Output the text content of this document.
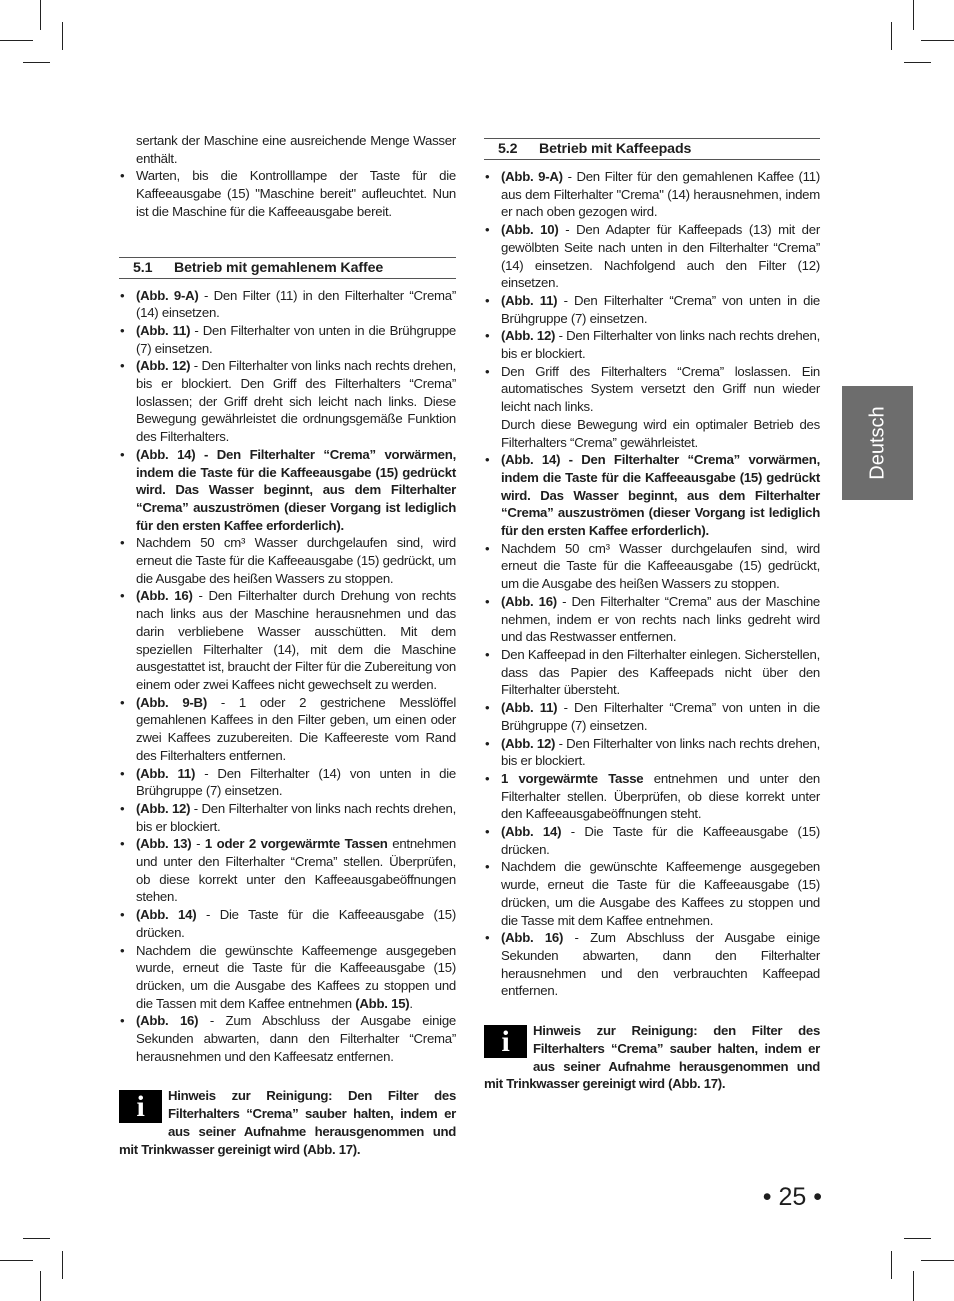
sertank der Maschine eine ausreichende Menge Wasser enthält.

• Warten, bis die Kontrolllampe der Taste für die Kaffeeausgabe (15) "Maschine bereit" aufleuchtet. Nun ist die Maschine für die Kaffeeausgabe bereit.
5.1 Betrieb mit gemahlenem Kaffee
• (Abb. 9-A) - Den Filter (11) in den Filterhalter “Crema” (14) einsetzen.
• (Abb. 11) - Den Filterhalter von unten in die Brühgruppe (7) einsetzen.
• (Abb. 12) - Den Filterhalter von links nach rechts drehen, bis er blockiert. Den Griff des Filterhalters “Crema” loslassen; der Griff dreht sich leicht nach links. Diese Bewegung gewährleistet die ordnungsgemäße Funktion des Filterhalters.
• (Abb. 14) - Den Filterhalter “Crema” vorwärmen, indem die Taste für die Kaffeeausgabe (15) gedrückt wird. Das Wasser beginnt, aus dem Filterhalter “Crema” auszuströmen (dieser Vorgang ist lediglich für den ersten Kaffee erforderlich).
• Nachdem 50 cm³ Wasser durchgelaufen sind, wird erneut die Taste für die Kaffeeausgabe (15) gedrückt, um die Ausgabe des heißen Wassers zu stoppen.
• (Abb. 16) - Den Filterhalter durch Drehung von rechts nach links aus der Maschine herausnehmen und das darin verbliebene Wasser ausschütten. Mit dem speziellen Filterhalter (14), mit dem die Maschine ausgestattet ist, braucht der Filter für die Zubereitung von einem oder zwei Kaffees nicht gewechselt zu werden.
• (Abb. 9-B) - 1 oder 2 gestrichene Messlöffel gemahlenen Kaffees in den Filter geben, um einen oder zwei Kaffees zuzubereiten. Die Kaffeereste vom Rand des Filterhalters entfernen.
• (Abb. 11) - Den Filterhalter (14) von unten in die Brühgruppe (7) einsetzen.
• (Abb. 12) - Den Filterhalter von links nach rechts drehen, bis er blockiert.
• (Abb. 13) - 1 oder 2 vorgewärmte Tassen entnehmen und unter den Filterhalter “Crema” stellen. Überprüfen, ob diese korrekt unter den Kaffeeausgabeöffnungen stehen.
• (Abb. 14) - Die Taste für die Kaffeeausgabe (15) drücken.
• Nachdem die gewünschte Kaffeemenge ausgegeben wurde, erneut die Taste für die Kaffeeausgabe (15) drücken, um die Ausgabe des Kaffees zu stoppen und die Tassen mit dem Kaffee entnehmen (Abb. 15).
• (Abb. 16) - Zum Abschluss der Ausgabe einige Sekunden abwarten, dann den Filterhalter “Crema” herausnehmen und den Kaffeesatz entfernen.
i	Hinweis zur Reinigung: Den Filter des Filterhalters “Crema” sauber halten, indem er aus seiner Aufnahme herausgenommen und mit Trinkwasser gereinigt wird (Abb. 17).
5.2 Betrieb mit Kaffeepads
• (Abb. 9-A) - Den Filter für den gemahlenen Kaffee (11) aus dem Filterhalter "Crema" (14) herausnehmen, indem er nach oben gezogen wird.
• (Abb. 10) - Den Adapter für Kaffeepads (13) mit der gewölbten Seite nach unten in den Filterhalter “Crema” (14) einsetzen. Nachfolgend auch den Filter (12) einsetzen.
• (Abb. 11) - Den Filterhalter “Crema” von unten in die Brühgruppe (7) einsetzen.
• (Abb. 12) - Den Filterhalter von links nach rechts drehen, bis er blockiert.
• Den Griff des Filterhalters “Crema” loslassen. Ein automatisches System versetzt den Griff nun wieder leicht nach links.
Durch diese Bewegung wird ein optimaler Betrieb des Filterhalters “Crema” gewährleistet.
• (Abb. 14) - Den Filterhalter “Crema” vorwärmen, indem die Taste für die Kaffeeausgabe (15) gedrückt wird. Das Wasser beginnt, aus dem Filterhalter “Crema” auszuströmen (dieser Vorgang ist lediglich für den ersten Kaffee erforderlich).
• Nachdem 50 cm³ Wasser durchgelaufen sind, wird erneut die Taste für die Kaffeeausgabe (15) gedrückt, um die Ausgabe des heißen Wassers zu stoppen.
• (Abb. 16) - Den Filterhalter “Crema” aus der Maschine nehmen, indem er von rechts nach links gedreht wird und das Restwasser entfernen.
• Den Kaffeepad in den Filterhalter einlegen. Sicherstellen, dass das Papier des Kaffeepads nicht über den Filterhalter übersteht.
• (Abb. 11) - Den Filterhalter “Crema” von unten in die Brühgruppe (7) einsetzen.
• (Abb. 12) - Den Filterhalter von links nach rechts drehen, bis er blockiert.
• 1 vorgewärmte Tasse entnehmen und unter den Filterhalter stellen. Überprüfen, ob diese korrekt unter den Kaffeeausgabeöffnungen steht.
• (Abb. 14) - Die Taste für die Kaffeeausgabe (15) drücken.
• Nachdem die gewünschte Kaffeemenge ausgegeben wurde, erneut die Taste für die Kaffeeausgabe (15) drücken, um die Ausgabe des Kaffees zu stoppen und die Tasse mit dem Kaffee entnehmen.
• (Abb. 16) - Zum Abschluss der Ausgabe einige Sekunden abwarten, dann den Filterhalter herausnehmen und den verbrauchten Kaffeepad entfernen.
i	Hinweis zur Reinigung: den Filter des Filterhalters “Crema” sauber halten, indem er aus seiner Aufnahme herausgenommen und mit Trinkwasser gereinigt wird (Abb. 17).
Deutsch
• 25 •
